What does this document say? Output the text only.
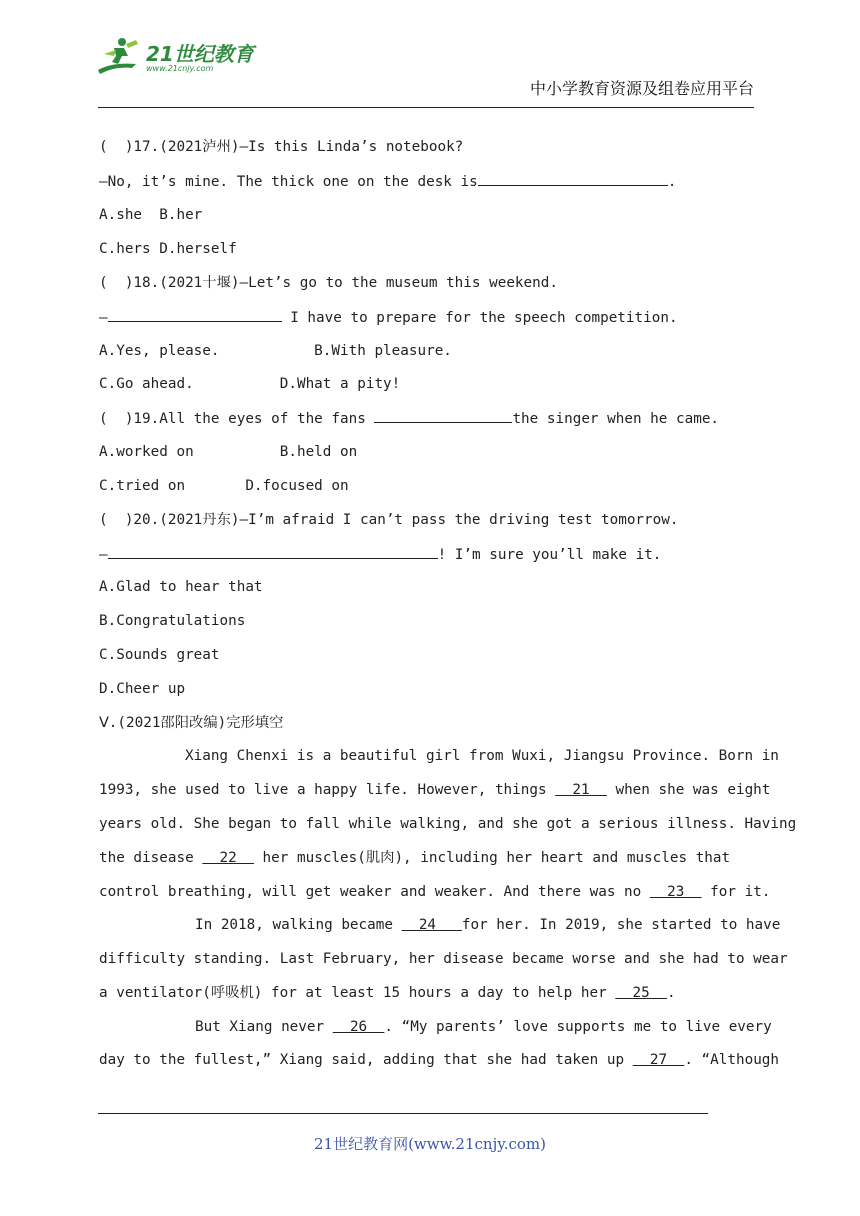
21世纪教育
www.21cnjy.com
中小学教育资源及组卷应用平台
(  )17.(2021泸州)—Is this Linda’s notebook?
—No, it’s mine. The thick one on the desk is	.
A.she  B.her
C.hers D.herself
(  )18.(2021十堰)—Let’s go to the museum this weekend.
—	I have to prepare for the speech competition.
A.Yes, please.           B.With pleasure.
C.Go ahead.          D.What a pity!
(  )19.All the eyes of the fans	the singer when he came.
A.worked on          B.held on
C.tried on       D.focused on
(  )20.(2021丹东)—I’m afraid I can’t pass the driving test tomorrow.
—	! I’m sure you’ll make it.
A.Glad to hear that
B.Congratulations
C.Sounds great
D.Cheer up
Ⅴ.(2021邵阳改编)完形填空
Xiang Chenxi is a beautiful girl from Wuxi, Jiangsu Province. Born in
1993, she used to live a happy life. However, things   21   when she was eight
years old. She began to fall while walking, and she got a serious illness. Having
the disease   22   her muscles(肌肉), including her heart and muscles that
control breathing, will get weaker and weaker. And there was no   23   for it.
In 2018, walking became   24 for her. In 2019, she started to have
difficulty standing. Last February, her disease became worse and she had to wear
a ventilator(呼吸机) for at least 15 hours a day to help her   25 .
But Xiang never   26 . “My parents’ love supports me to live every
day to the fullest,” Xiang said, adding that she had taken up   27 . “Although
21世纪教育网(www.21cnjy.com)
